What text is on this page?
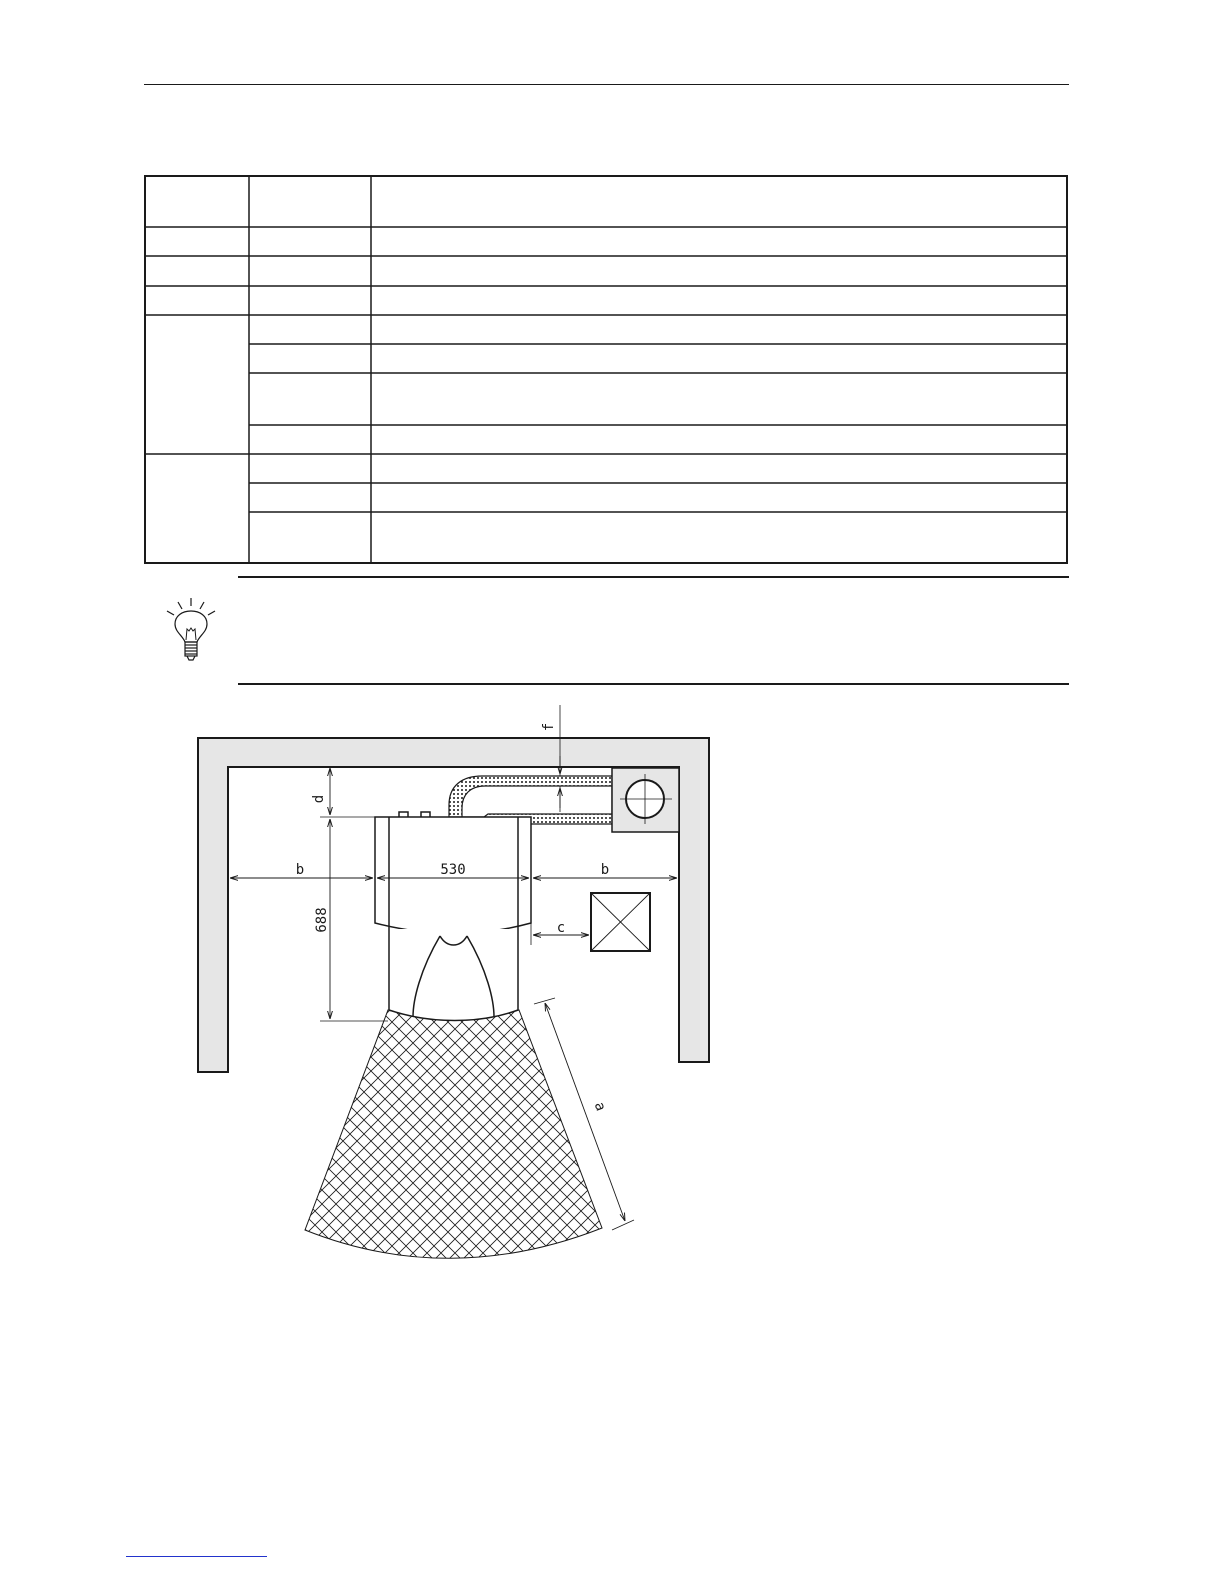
f
d
b	530	b
c
688
a
